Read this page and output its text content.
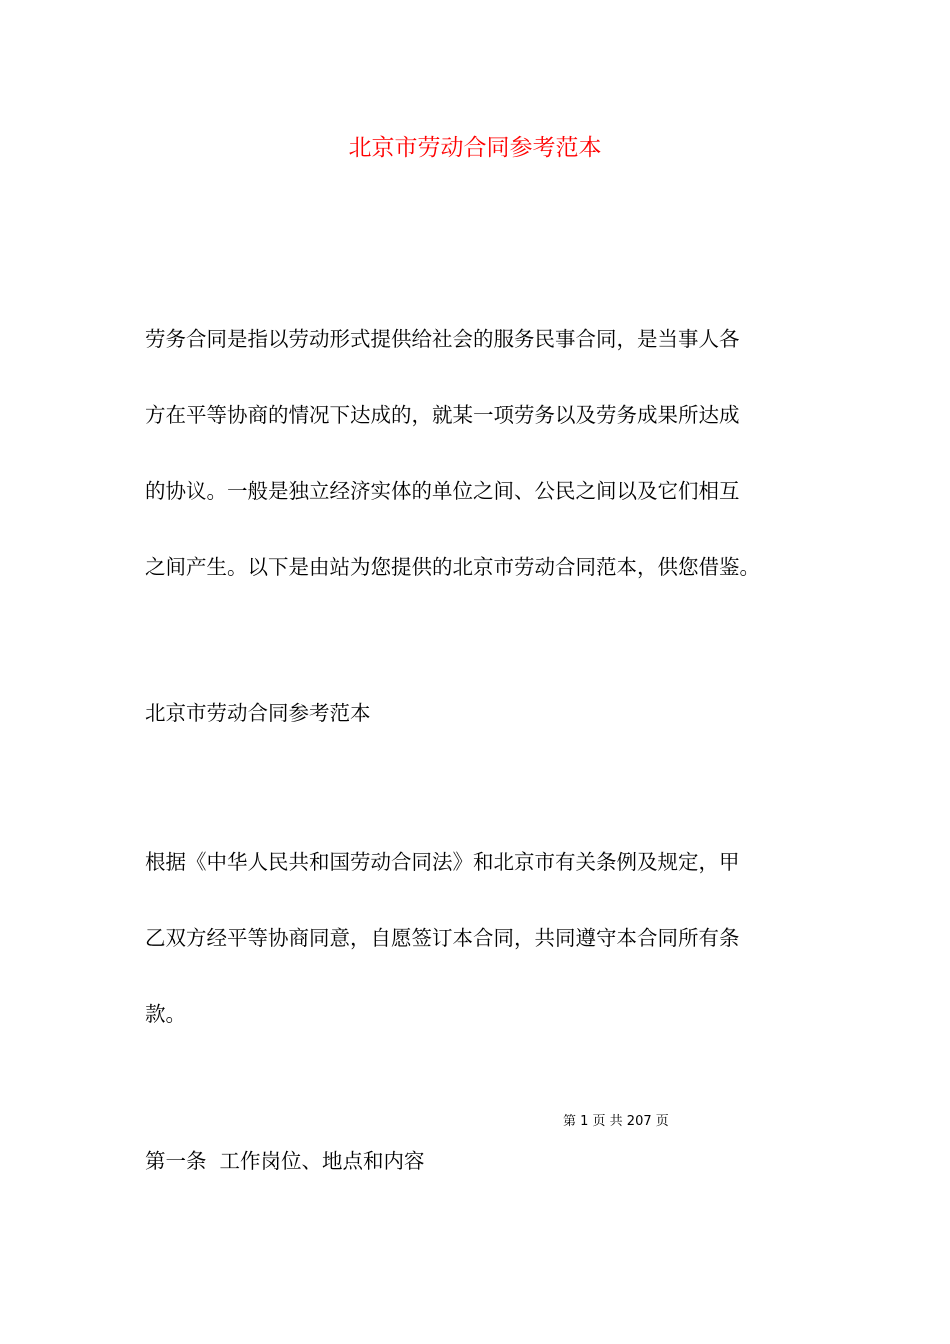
北京市劳动合同参考范本
劳务合同是指以劳动形式提供给社会的服务民事合同，是当事人各
方在平等协商的情况下达成的，就某一项劳务以及劳务成果所达成
的协议。一般是独立经济实体的单位之间、公民之间以及它们相互
之间产生。以下是由站为您提供的北京市劳动合同范本，供您借鉴。
北京市劳动合同参考范本
根据《中华人民共和国劳动合同法》和北京市有关条例及规定，甲
乙双方经平等协商同意，自愿签订本合同，共同遵守本合同所有条
款。
第 1 页 共 207 页
第一条  工作岗位、地点和内容
